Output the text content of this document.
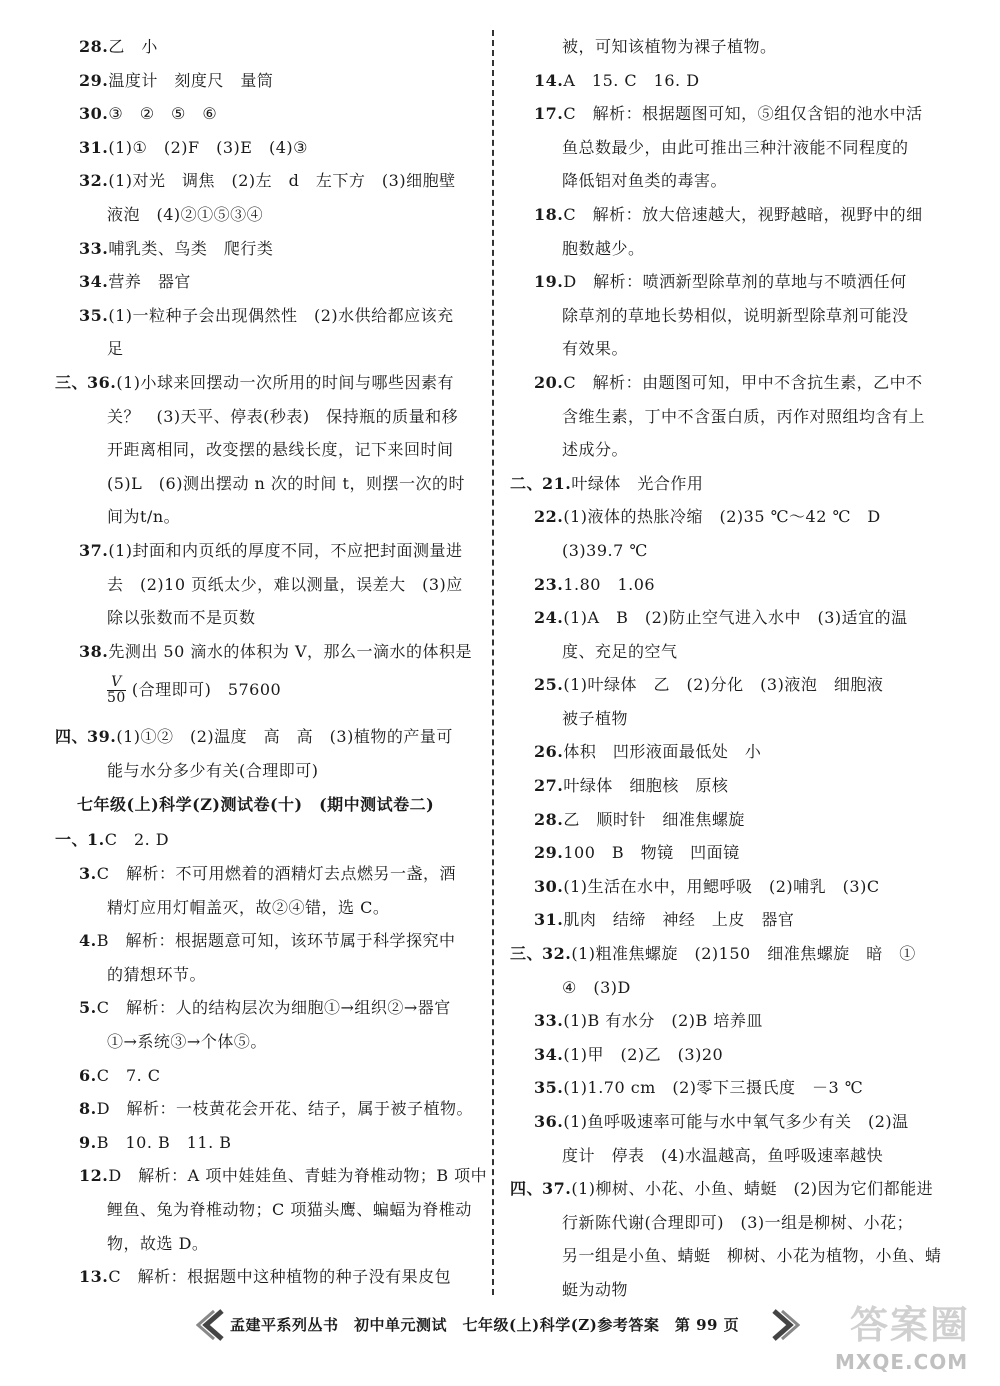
28.乙　小
29.温度计　刻度尺　量筒
30.③　②　⑤　⑥
31.(1)①　(2)F　(3)E　(4)③
32.(1)对光　调焦　(2)左　d　左下方　(3)细胞壁
液泡　(4)②①⑤③④
33.哺乳类、鸟类　爬行类
34.营养　器官
35.(1)一粒种子会出现偶然性　(2)水供给都应该充
足
三、36.(1)小球来回摆动一次所用的时间与哪些因素有
关？　(3)天平、停表(秒表)　保持瓶的质量和移
开距离相同，改变摆的悬线长度，记下来回时间
(5)L　(6)测出摆动 n 次的时间 t，则摆一次的时
间为t/n。
37.(1)封面和内页纸的厚度不同，不应把封面测量进
去　(2)10 页纸太少，难以测量，误差大　(3)应
除以张数而不是页数
38.先测出 50 滴水的体积为 V，那么一滴水的体积是
$\frac{V}{50}$ (合理即可)　57600
四、39.(1)①②　(2)温度　高　高　(3)植物的产量可
能与水分多少有关(合理即可)
七年级(上)科学(Z)测试卷(十)　(期中测试卷二)
一、1.C　2. D
3.C　解析：不可用燃着的酒精灯去点燃另一盏，酒
精灯应用灯帽盖灭，故②④错，选 C。
4.B　解析：根据题意可知，该环节属于科学探究中
的猜想环节。
5.C　解析：人的结构层次为细胞①→组织②→器官
①→系统③→个体⑤。
6.C　7. C
8.D　解析：一枝黄花会开花、结子，属于被子植物。
9.B　10. B　11. B
12.D　解析：A 项中娃娃鱼、青蛙为脊椎动物；B 项中
鲤鱼、兔为脊椎动物；C 项猫头鹰、蝙蝠为脊椎动
物，故选 D。
13.C　解析：根据题中这种植物的种子没有果皮包
被，可知该植物为裸子植物。
14.A　15. C　16. D
17.C　解析：根据题图可知，⑤组仅含铝的池水中活
鱼总数最少，由此可推出三种汁液能不同程度的
降低铝对鱼类的毒害。
18.C　解析：放大倍速越大，视野越暗，视野中的细
胞数越少。
19.D　解析：喷洒新型除草剂的草地与不喷洒任何
除草剂的草地长势相似，说明新型除草剂可能没
有效果。
20.C　解析：由题图可知，甲中不含抗生素，乙中不
含维生素，丁中不含蛋白质，丙作对照组均含有上
述成分。
二、21.叶绿体　光合作用
22.(1)液体的热胀冷缩　(2)35 ℃～42 ℃　D
(3)39.7 ℃
23.1.80　1.06
24.(1)A　B　(2)防止空气进入水中　(3)适宜的温
度、充足的空气
25.(1)叶绿体　乙　(2)分化　(3)液泡　细胞液
被子植物
26.体积　凹形液面最低处　小
27.叶绿体　细胞核　原核
28.乙　顺时针　细准焦螺旋
29.100　B　物镜　凹面镜
30.(1)生活在水中，用鳃呼吸　(2)哺乳　(3)C
31.肌肉　结缔　神经　上皮　器官
三、32.(1)粗准焦螺旋　(2)150　细准焦螺旋　暗　①
④　(3)D
33.(1)B 有水分　(2)B 培养皿
34.(1)甲　(2)乙　(3)20
35.(1)1.70 cm　(2)零下三摄氏度　－3 ℃
36.(1)鱼呼吸速率可能与水中氧气多少有关　(2)温
度计　停表　(4)水温越高，鱼呼吸速率越快
四、37.(1)柳树、小花、小鱼、蜻蜓　(2)因为它们都能进
行新陈代谢(合理即可)　(3)一组是柳树、小花；
另一组是小鱼、蜻蜓　柳树、小花为植物，小鱼、蜻
蜓为动物
孟建平系列丛书　初中单元测试　七年级(上)科学(Z)参考答案　第 99 页	答案圈
MXQE.COM
